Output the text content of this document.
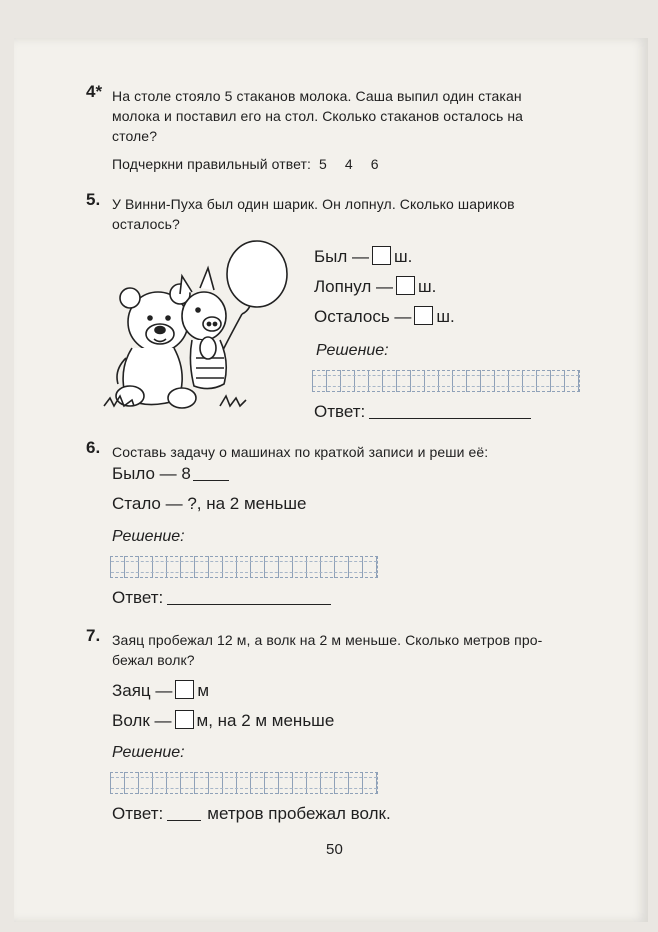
4* На столе стояло 5 стаканов молока. Саша выпил один стакан
молока и поставил его на стол. Сколько стаканов осталось на
столе?
Подчеркни правильный ответ: 5 4 6
5. У Винни-Пуха был один шарик. Он лопнул. Сколько шариков
осталось?
Был — ш.
Лопнул — ш.
Осталось — ш.
Решение:
Ответ:
6. Составь задачу о машинах по краткой записи и реши её:
Было — 8
Стало — ?, на 2 меньше
Решение:
Ответ:
7. Заяц пробежал 12 м, а волк на 2 м меньше. Сколько метров про-
бежал волк?
Заяц — м
Волк — м, на 2 м меньше
Решение:
Ответ:	метров пробежал волк.
50
